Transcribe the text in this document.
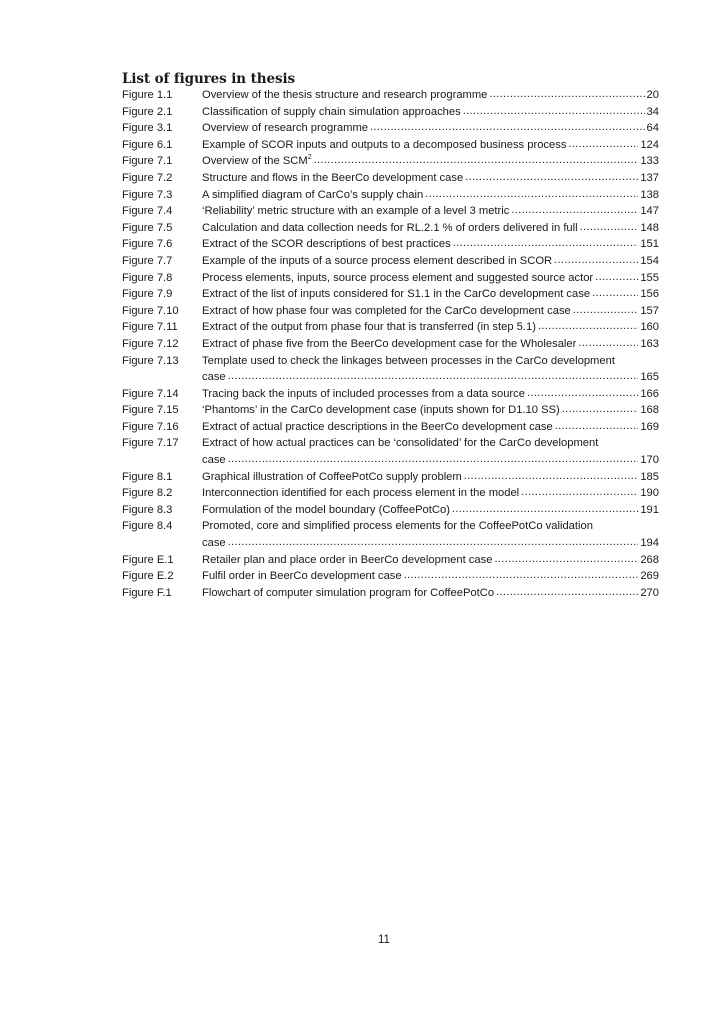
List of figures in thesis
Figure 1.1	Overview of the thesis structure and research programme .....	20
Figure 2.1	Classification of supply chain simulation approaches .....	34
Figure 3.1	Overview of research programme .....	64
Figure 6.1	Example of SCOR inputs and outputs to a decomposed business process .....	124
Figure 7.1	Overview of the SCM$^2$ .....	133
Figure 7.2	Structure and flows in the BeerCo development case .....	137
Figure 7.3	A simplified diagram of CarCo’s supply chain .....	138
Figure 7.4	‘Reliability’ metric structure with an example of a level 3 metric .....	147
Figure 7.5	Calculation and data collection needs for RL.2.1 % of orders delivered in full .....	148
Figure 7.6	Extract of the SCOR descriptions of best practices .....	151
Figure 7.7	Example of the inputs of a source process element described in SCOR .....	154
Figure 7.8	Process elements, inputs, source process element and suggested source actor .....	155
Figure 7.9	Extract of the list of inputs considered for S1.1 in the CarCo development case .....	156
Figure 7.10	Extract of how phase four was completed for the CarCo development case .....	157
Figure 7.11	Extract of the output from phase four that is transferred (in step 5.1) .....	160
Figure 7.12	Extract of phase five from the BeerCo development case for the Wholesaler .....	163
Figure 7.13	Template used to check the linkages between processes in the CarCo development
case .....	165
Figure 7.14	Tracing back the inputs of included processes from a data source .....	166
Figure 7.15	‘Phantoms’ in the CarCo development case (inputs shown for D1.10 SS) .....	168
Figure 7.16	Extract of actual practice descriptions in the BeerCo development case .....	169
Figure 7.17	Extract of how actual practices can be ‘consolidated’ for the CarCo development
case .....	170
Figure 8.1	Graphical illustration of CoffeePotCo supply problem .....	185
Figure 8.2	Interconnection identified for each process element in the model .....	190
Figure 8.3	Formulation of the model boundary (CoffeePotCo) .....	191
Figure 8.4	Promoted, core and simplified process elements for the CoffeePotCo validation
case .....	194
Figure E.1	Retailer plan and place order in BeerCo development case .....	268
Figure E.2	Fulfil order in BeerCo development case .....	269
Figure F.1	Flowchart of computer simulation program for CoffeePotCo .....	270
11
